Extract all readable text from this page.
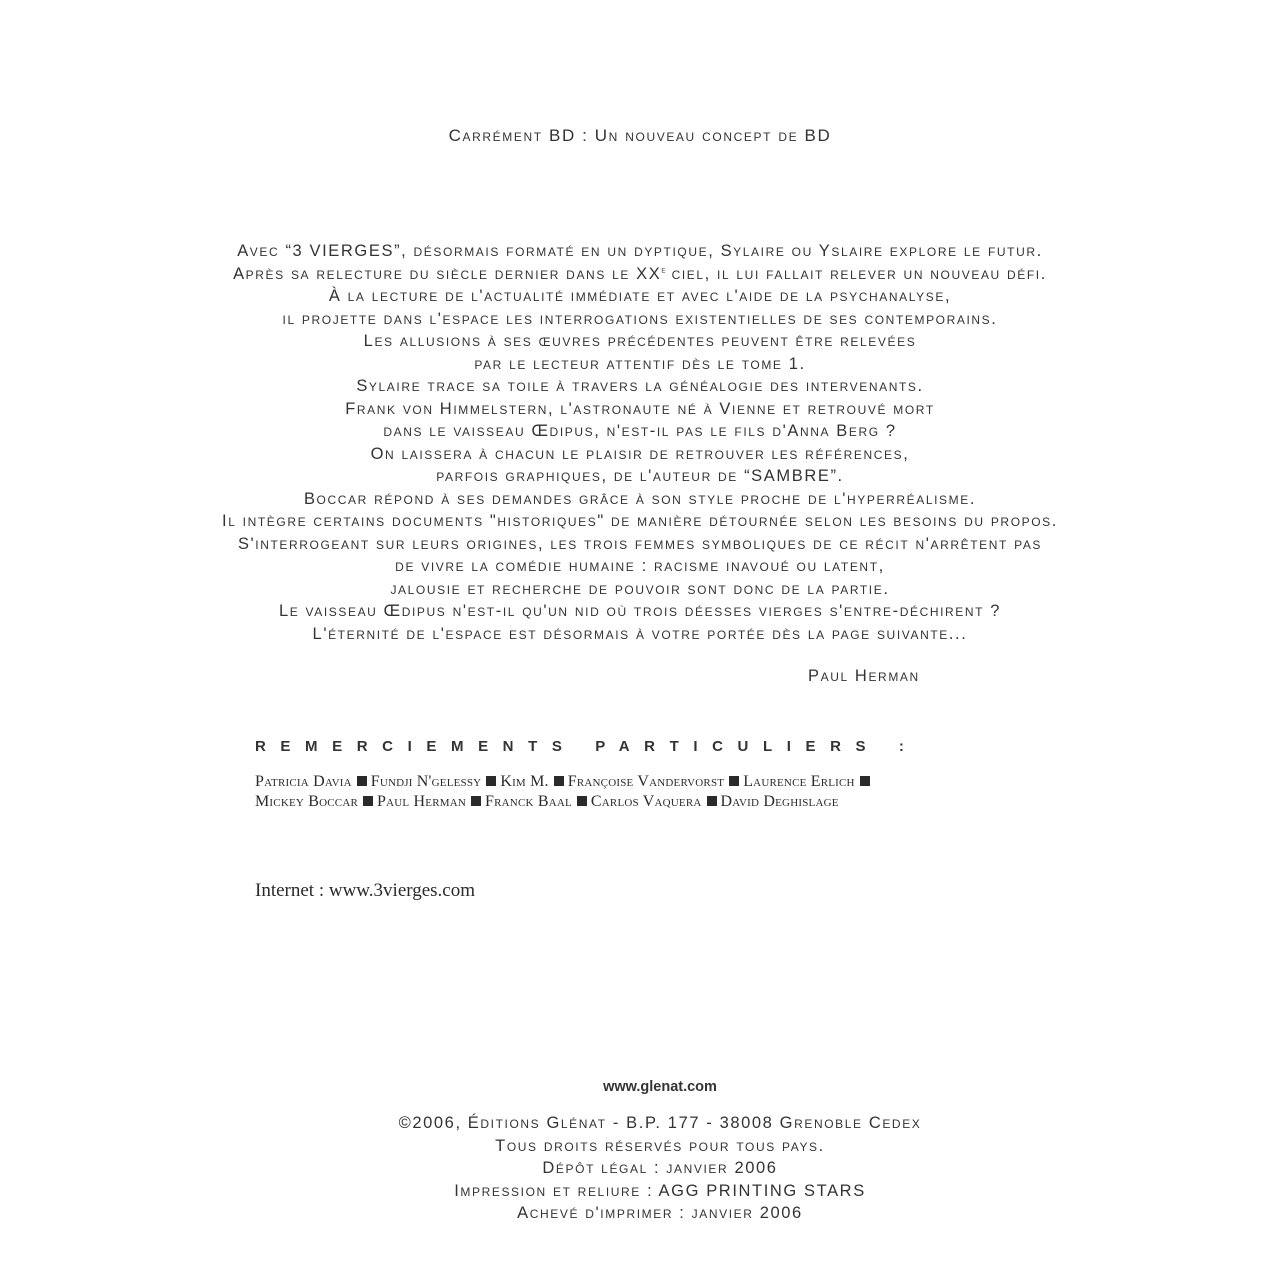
Carrément BD : Un nouveau concept de BD
Avec “3 VIERGES”, désormais formaté en un dyptique, Sylaire ou Yslaire explore le futur.
Après sa relecture du siècle dernier dans le XXe ciel, il lui fallait relever un nouveau défi.
À la lecture de l'actualité immédiate et avec l'aide de la psychanalyse,
il projette dans l'espace les interrogations existentielles de ses contemporains.
Les allusions à ses œuvres précédentes peuvent être relevées
par le lecteur attentif dès le tome 1.
Sylaire trace sa toile à travers la généalogie des intervenants.
Frank von Himmelstern, l'astronaute né à Vienne et retrouvé mort
dans le vaisseau Œdipus, n'est-il pas le fils d'Anna Berg ?
On laissera à chacun le plaisir de retrouver les références,
parfois graphiques, de l'auteur de “SAMBRE”.
Boccar répond à ses demandes grâce à son style proche de l'hyperréalisme.
Il intègre certains documents "historiques" de manière détournée selon les besoins du propos.
S'interrogeant sur leurs origines, les trois femmes symboliques de ce récit n'arrêtent pas
de vivre la comédie humaine : racisme inavoué ou latent,
jalousie et recherche de pouvoir sont donc de la partie.
Le vaisseau Œdipus n'est-il qu'un nid où trois déesses vierges s'entre-déchirent ?
L'éternité de l'espace est désormais à votre portée dès la page suivante...
Paul Herman
REMERCIEMENTS PARTICULIERS :
Patricia Davia Fundji N'gelessy Kim M. Françoise Vandervorst Laurence Erlich
Mickey Boccar Paul Herman Franck Baal Carlos Vaquera David Deghislage
Internet : www.3vierges.com
www.glenat.com
©2006, Éditions Glénat - B.P. 177 - 38008 Grenoble Cedex
Tous droits réservés pour tous pays.
Dépôt légal : janvier 2006
Impression et reliure : AGG PRINTING STARS
Achevé d'imprimer : janvier 2006
